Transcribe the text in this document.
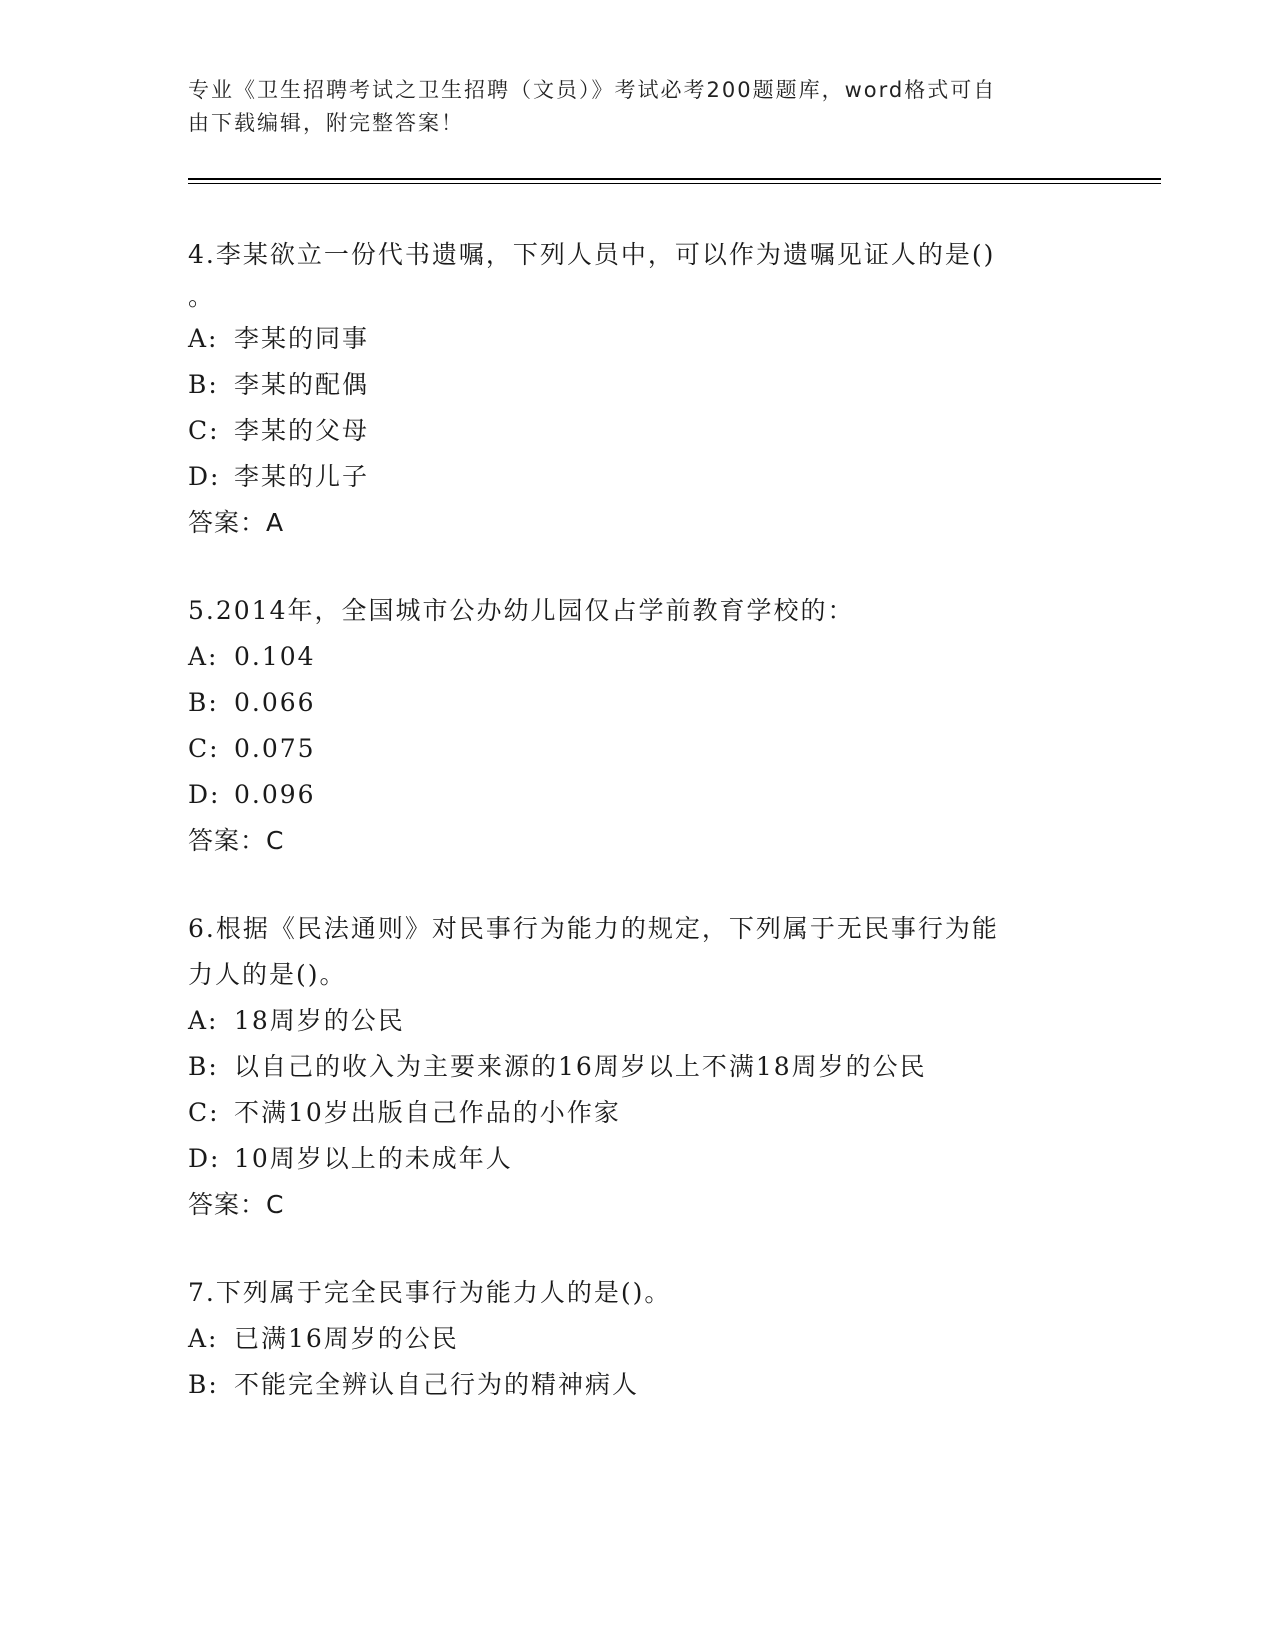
专业《卫生招聘考试之卫生招聘（文员）》考试必考200题题库，word格式可自
由下载编辑，附完整答案！
4.李某欲立一份代书遗嘱，下列人员中，可以作为遗嘱见证人的是()
。
A: 李某的同事
B: 李某的配偶
C: 李某的父母
D: 李某的儿子
答案：A
5.2014年，全国城市公办幼儿园仅占学前教育学校的：
A: 0.104
B: 0.066
C: 0.075
D: 0.096
答案：C
6.根据《民法通则》对民事行为能力的规定，下列属于无民事行为能
力人的是()。
A: 18周岁的公民
B: 以自己的收入为主要来源的16周岁以上不满18周岁的公民
C: 不满10岁出版自己作品的小作家
D: 10周岁以上的未成年人
答案：C
7.下列属于完全民事行为能力人的是()。
A: 已满16周岁的公民
B: 不能完全辨认自己行为的精神病人
